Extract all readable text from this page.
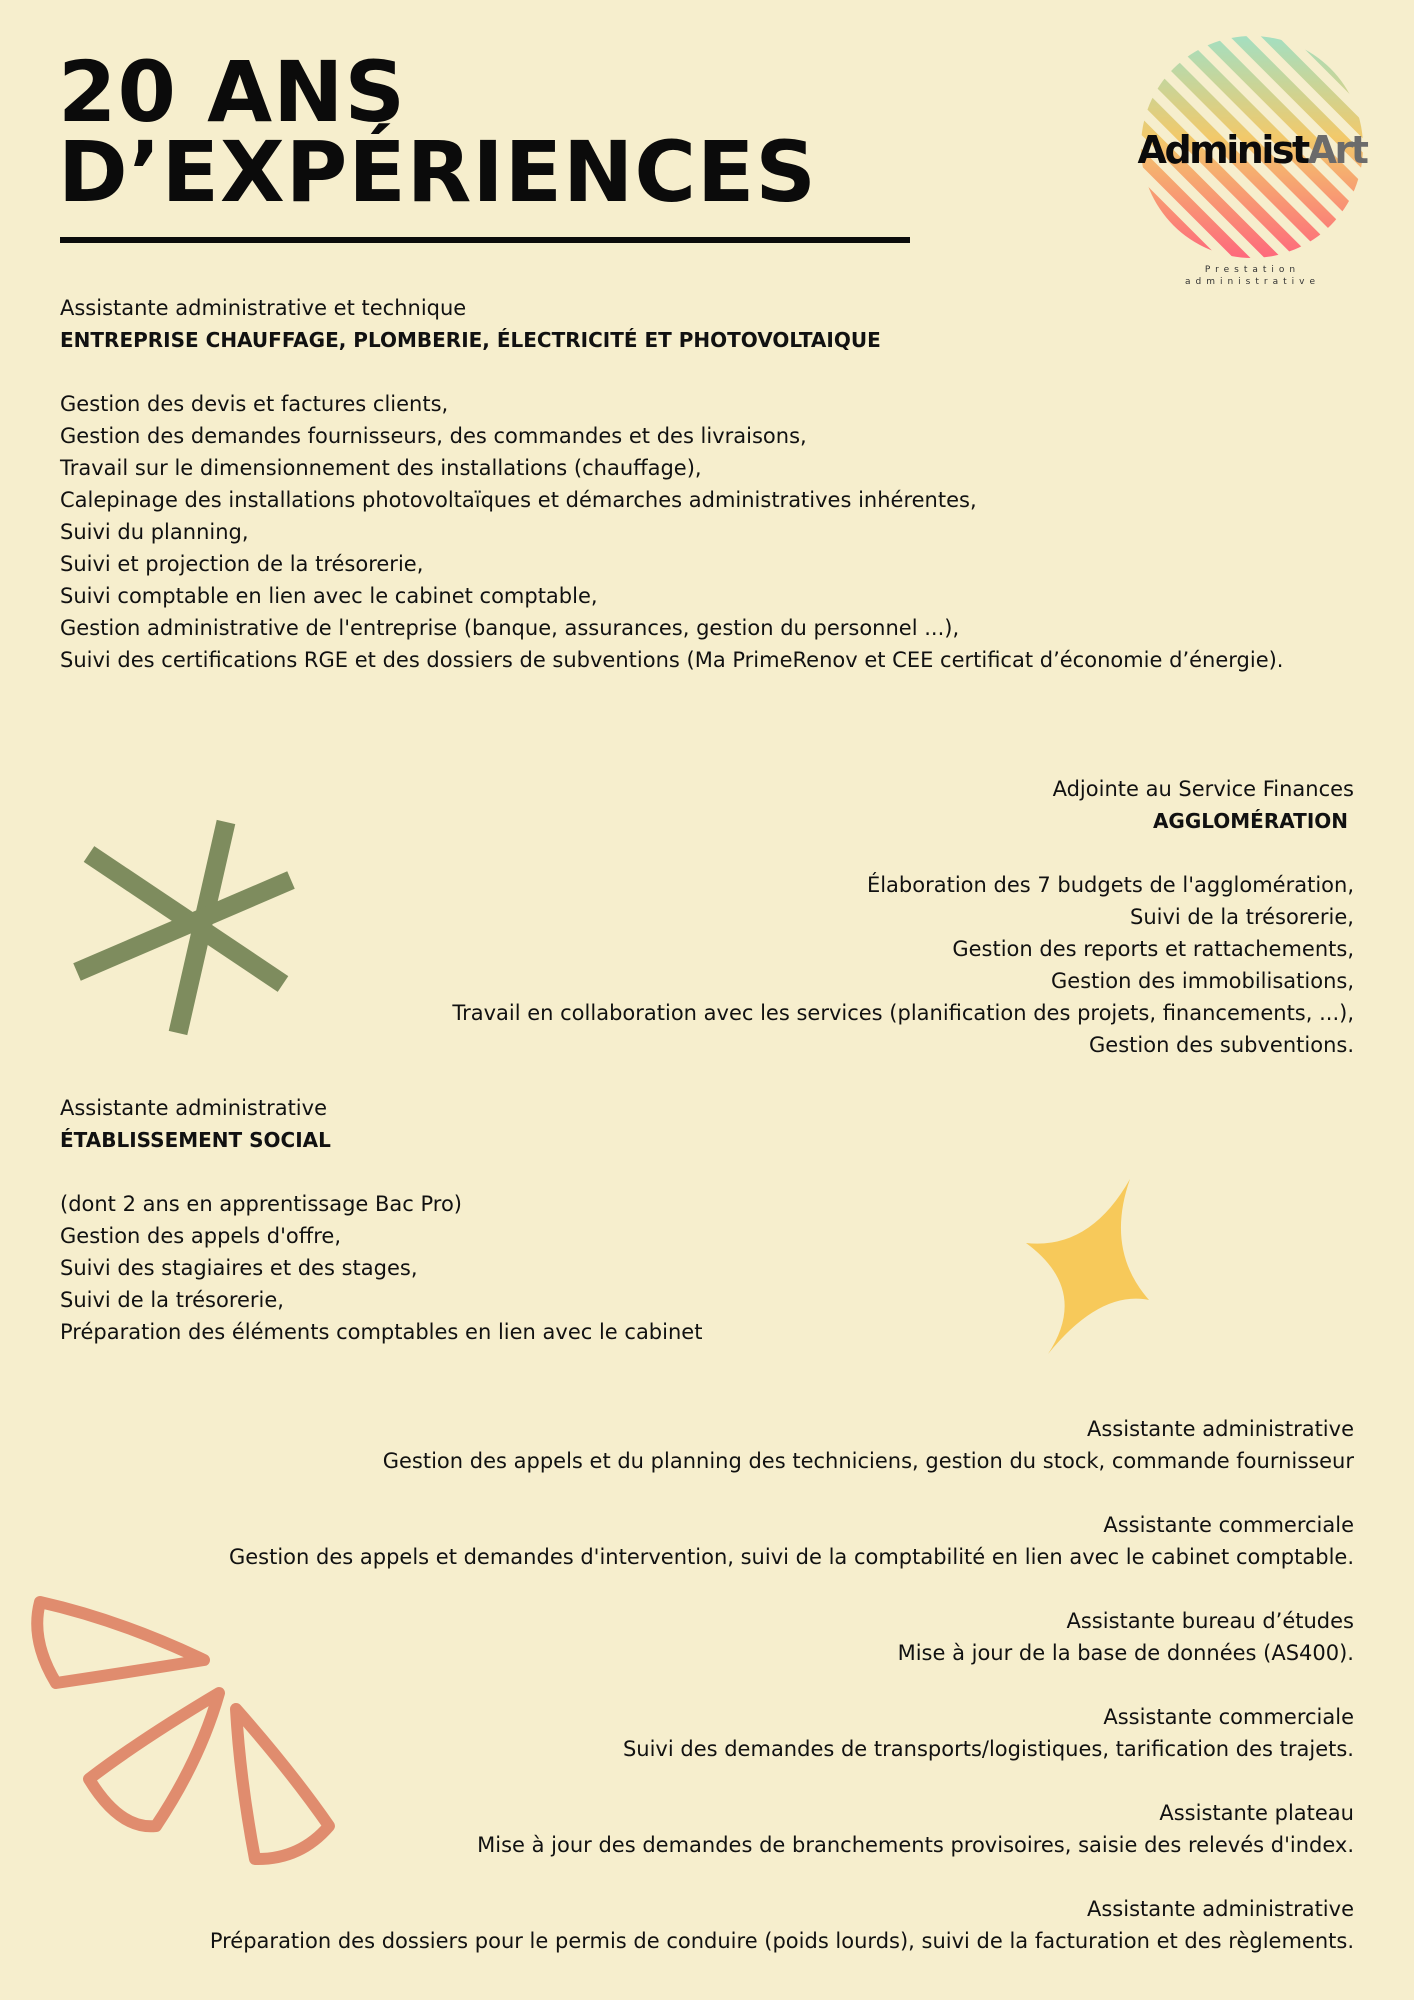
20 ANS
D’EXPÉRIENCES	AdministArt
Prestation
administrative
Assistante administrative et technique
ENTREPRISE CHAUFFAGE, PLOMBERIE, ÉLECTRICITÉ ET PHOTOVOLTAIQUE
Gestion des devis et factures clients,
Gestion des demandes fournisseurs, des commandes et des livraisons,
Travail sur le dimensionnement des installations (chauffage),
Calepinage des installations photovoltaïques et démarches administratives inhérentes,
Suivi du planning,
Suivi et projection de la trésorerie,
Suivi comptable en lien avec le cabinet comptable,
Gestion administrative de l'entreprise (banque, assurances, gestion du personnel ...),
Suivi des certifications RGE et des dossiers de subventions (Ma PrimeRenov et CEE certificat d’économie d’énergie).
Adjointe au Service Finances
AGGLOMÉRATION
Élaboration des 7 budgets de l'agglomération,
Suivi de la trésorerie,
Gestion des reports et rattachements,
Gestion des immobilisations,
Travail en collaboration avec les services (planification des projets, financements, ...),
Gestion des subventions.
Assistante administrative
ÉTABLISSEMENT SOCIAL
(dont 2 ans en apprentissage Bac Pro)
Gestion des appels d'offre,
Suivi des stagiaires et des stages,
Suivi de la trésorerie,
Préparation des éléments comptables en lien avec le cabinet
Assistante administrative
Gestion des appels et du planning des techniciens, gestion du stock, commande fournisseur
Assistante commerciale
Gestion des appels et demandes d'intervention, suivi de la comptabilité en lien avec le cabinet comptable.
Assistante bureau d’études
Mise à jour de la base de données (AS400).
Assistante commerciale
Suivi des demandes de transports/logistiques, tarification des trajets.
Assistante plateau
Mise à jour des demandes de branchements provisoires, saisie des relevés d'index.
Assistante administrative
Préparation des dossiers pour le permis de conduire (poids lourds), suivi de la facturation et des règlements.
